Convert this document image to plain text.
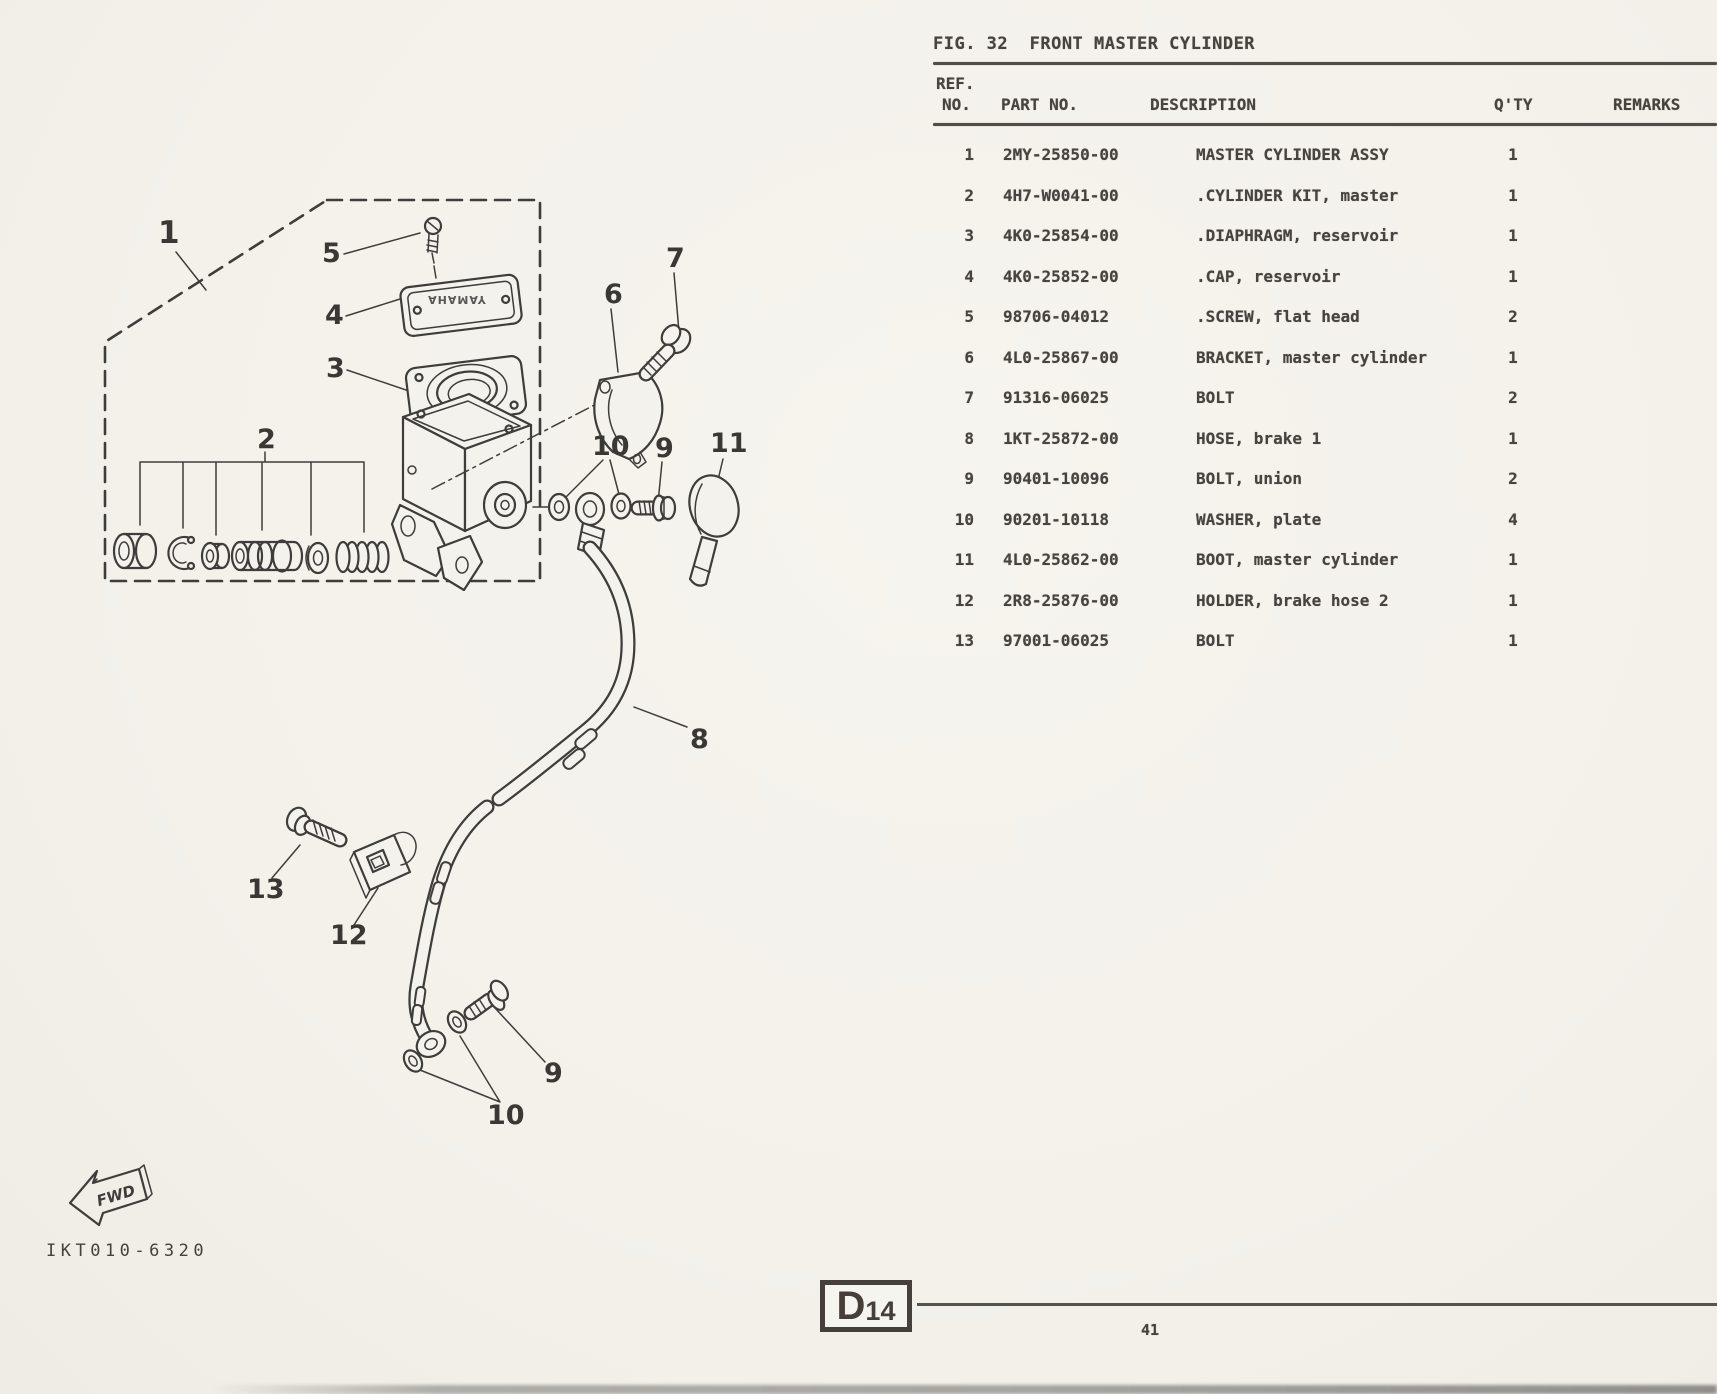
YAMAHA
FWD
IKT010-6320
1
5
4
3
2
6
7
10 9 11
8
13
12
9
10
FIG. 32  FRONT MASTER CYLINDER
REF.
NO. PART NO.	DESCRIPTION	Q'TY	REMARKS
1 2MY-25850-00	MASTER CYLINDER ASSY	1
2 4H7-W0041-00	.CYLINDER KIT, master	1
3 4K0-25854-00	.DIAPHRAGM, reservoir	1
4 4K0-25852-00	.CAP, reservoir	1
5 98706-04012	.SCREW, flat head	2
6 4L0-25867-00	BRACKET, master cylinder	1
7 91316-06025	BOLT	2
8 1KT-25872-00	HOSE, brake 1	1
9 90401-10096	BOLT, union	2
10 90201-10118	WASHER, plate	4
11 4L0-25862-00	BOOT, master cylinder	1
12 2R8-25876-00	HOLDER, brake hose 2	1
13 97001-06025	BOLT	1
D 14
41
